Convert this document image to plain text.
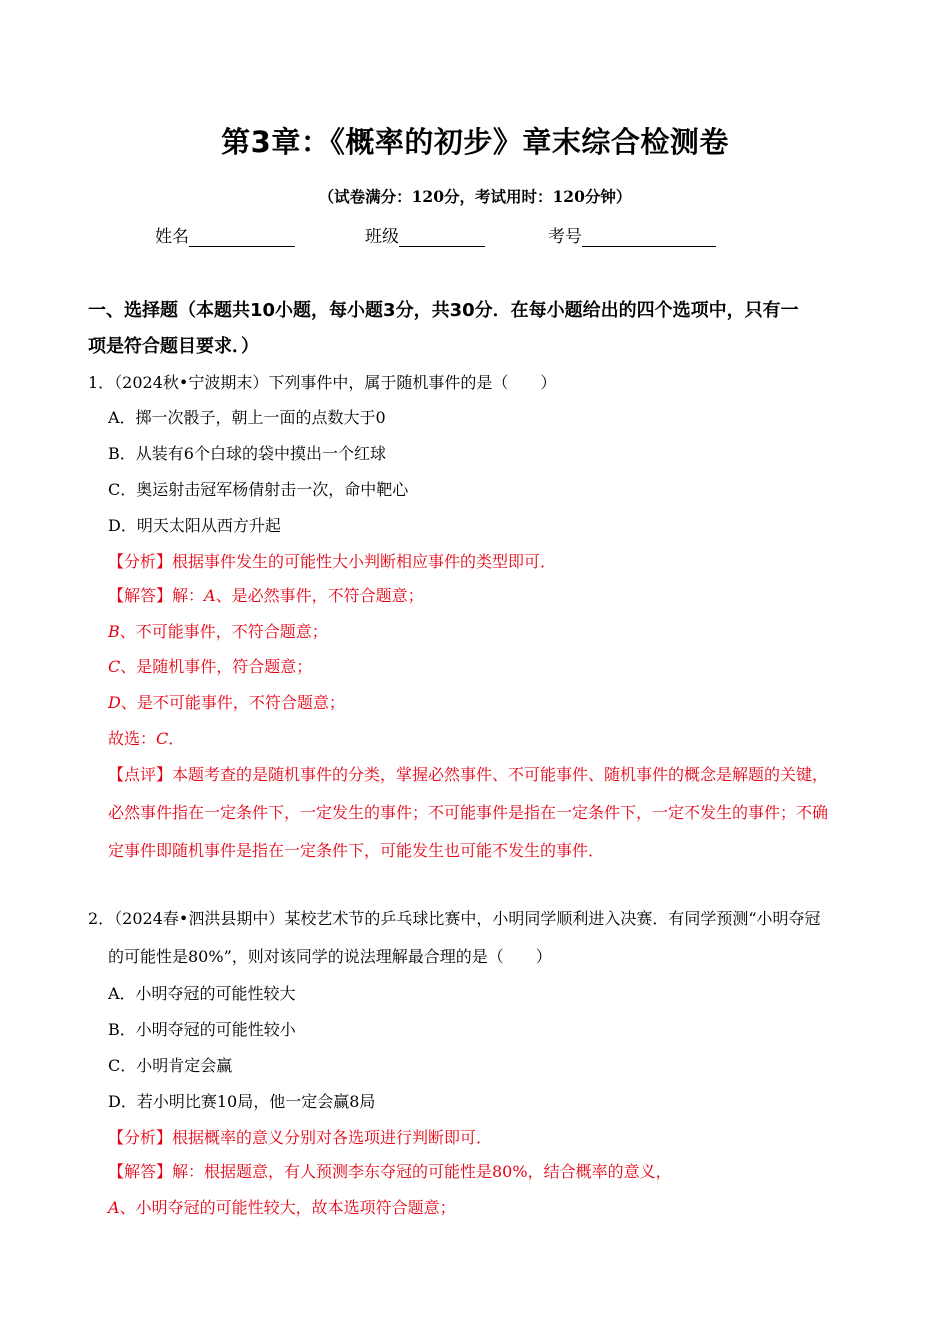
第3章：《概率的初步》章末综合检测卷
（试卷满分：120分，考试用时：120分钟）
姓名	班级	考号
一、选择题（本题共10小题，每小题3分，共30分．在每小题给出的四个选项中，只有一
项是符合题目要求．）
1．（2024秋•宁波期末）下列事件中，属于随机事件的是（　　）
A．掷一次骰子，朝上一面的点数大于0
B．从装有6个白球的袋中摸出一个红球
C．奥运射击冠军杨倩射击一次，命中靶心
D．明天太阳从西方升起
【分析】根据事件发生的可能性大小判断相应事件的类型即可．
【解答】解：A、是必然事件，不符合题意；
B、不可能事件，不符合题意；
C、是随机事件，符合题意；
D、是不可能事件，不符合题意；
故选：C．
【点评】本题考查的是随机事件的分类，掌握必然事件、不可能事件、随机事件的概念是解题的关键，
必然事件指在一定条件下，一定发生的事件；不可能事件是指在一定条件下，一定不发生的事件；不确
定事件即随机事件是指在一定条件下，可能发生也可能不发生的事件．
2．（2024春•泗洪县期中）某校艺术节的乒乓球比赛中，小明同学顺利进入决赛．有同学预测“小明夺冠
的可能性是80%”，则对该同学的说法理解最合理的是（　　）
A．小明夺冠的可能性较大
B．小明夺冠的可能性较小
C．小明肯定会赢
D．若小明比赛10局，他一定会赢8局
【分析】根据概率的意义分别对各选项进行判断即可．
【解答】解：根据题意，有人预测李东夺冠的可能性是80%，结合概率的意义，
A、小明夺冠的可能性较大，故本选项符合题意；
